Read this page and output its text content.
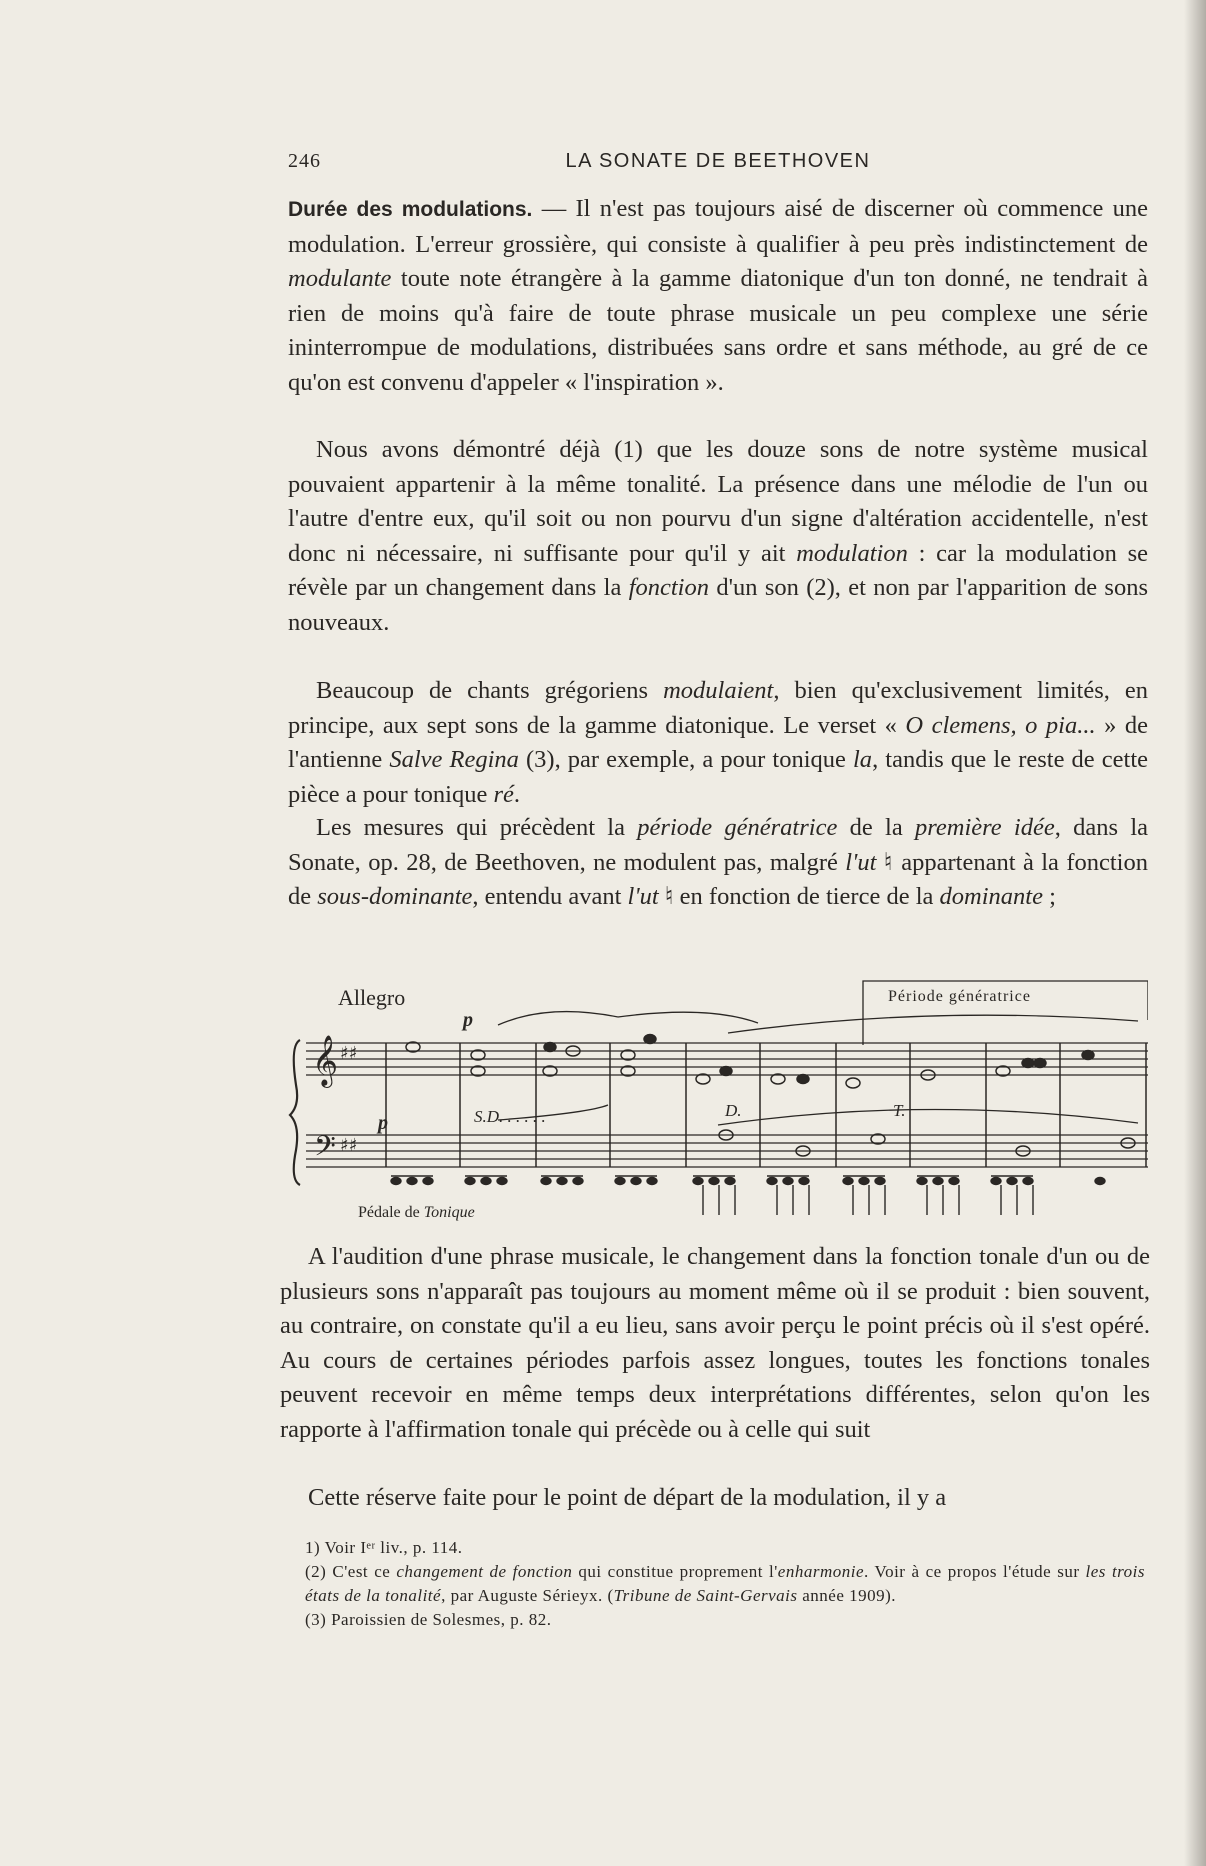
246	LA SONATE DE BEETHOVEN

Durée des modulations. — Il n'est pas toujours aisé de discerner où commence une modulation. L'erreur grossière, qui consiste à qualifier à peu près indistinctement de modulante toute note étrangère à la gamme diatonique d'un ton donné, ne tendrait à rien de moins qu'à faire de toute phrase musicale un peu complexe une série ininterrompue de modulations, distribuées sans ordre et sans méthode, au gré de ce qu'on est convenu d'appeler « l'inspiration ».

Nous avons démontré déjà (1) que les douze sons de notre système musical pouvaient appartenir à la même tonalité. La présence dans une mélodie de l'un ou l'autre d'entre eux, qu'il soit ou non pourvu d'un signe d'altération accidentelle, n'est donc ni nécessaire, ni suffisante pour qu'il y ait modulation : car la modulation se révèle par un changement dans la fonction d'un son (2), et non par l'apparition de sons nouveaux.

Beaucoup de chants grégoriens modulaient, bien qu'exclusivement limités, en principe, aux sept sons de la gamme diatonique. Le verset « O clemens, o pia... » de l'antienne Salve Regina (3), par exemple, a pour tonique la, tandis que le reste de cette pièce a pour tonique ré.

Les mesures qui précèdent la période génératrice de la première idée, dans la Sonate, op. 28, de Beethoven, ne modulent pas, malgré l'ut ♮ appartenant à la fonction de sous-dominante, entendu avant l'ut ♮ en fonction de tierce de la dominante ;

Allegro	Période génératrice
p
p	S.D. . . . . .	D.	T.
Pédale de Tonique
𝄞
𝄢
♯♯
♯♯

A l'audition d'une phrase musicale, le changement dans la fonction tonale d'un ou de plusieurs sons n'apparaît pas toujours au moment même où il se produit : bien souvent, au contraire, on constate qu'il a eu lieu, sans avoir perçu le point précis où il s'est opéré. Au cours de certaines périodes parfois assez longues, toutes les fonctions tonales peuvent recevoir en même temps deux interprétations différentes, selon qu'on les rapporte à l'affirmation tonale qui précède ou à celle qui suit

Cette réserve faite pour le point de départ de la modulation, il y a

1) Voir Iᵉʳ liv., p. 114.

(2) C'est ce changement de fonction qui constitue proprement l'enharmonie. Voir à ce propos l'étude sur les trois états de la tonalité, par Auguste Sérieyx. (Tribune de Saint-Gervais année 1909).

(3) Paroissien de Solesmes, p. 82.
